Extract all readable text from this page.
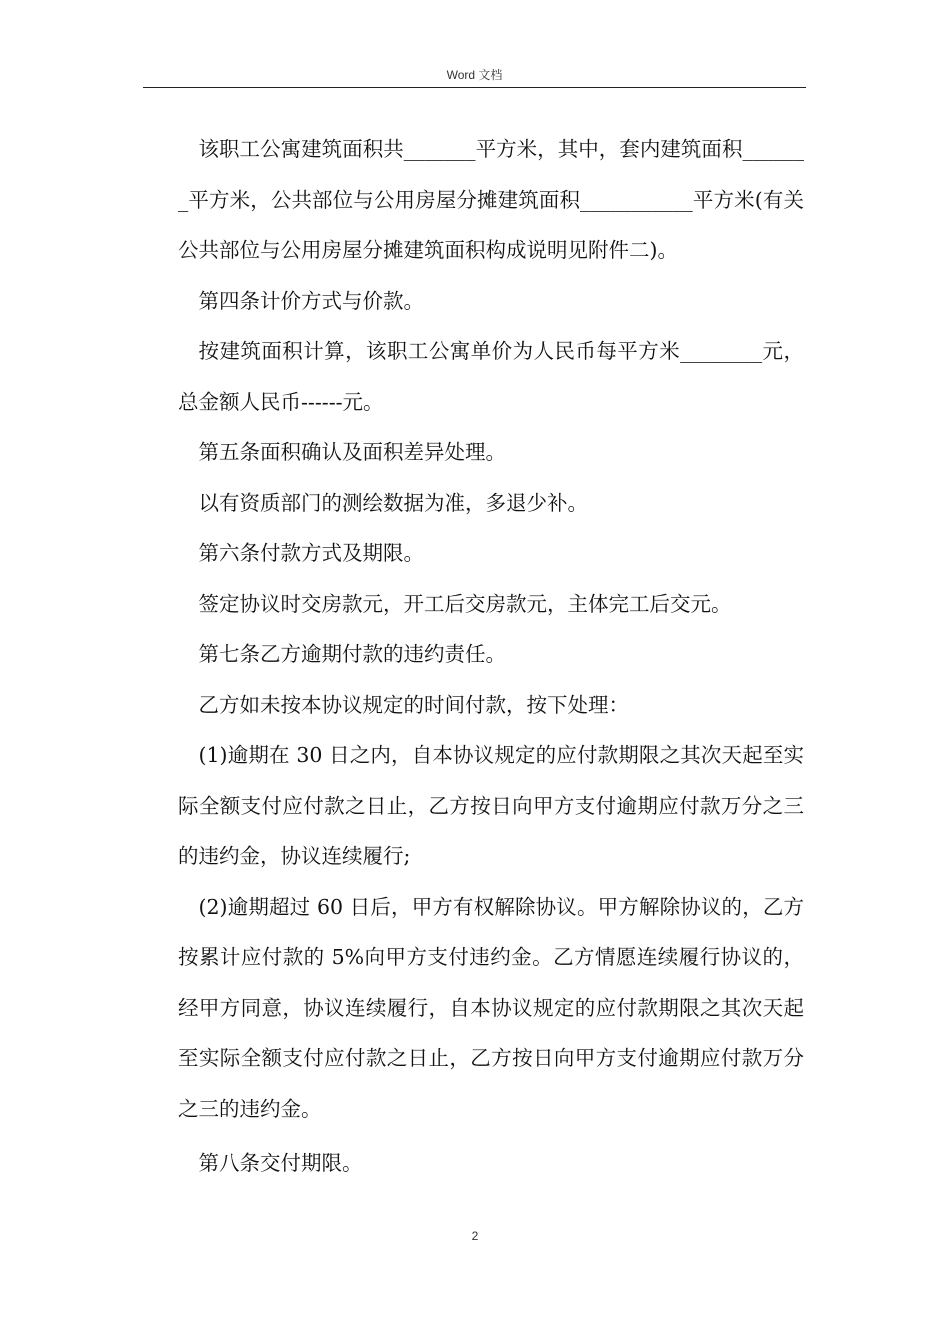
Word 文档

该职工公寓建筑面积共_______平方米，其中，套内建筑面积_______平方米，公共部位与公用房屋分摊建筑面积___________平方米(有关公共部位与公用房屋分摊建筑面积构成说明见附件二)。

第四条计价方式与价款。

按建筑面积计算，该职工公寓单价为人民币每平方米________元，总金额人民币------元。

第五条面积确认及面积差异处理。

以有资质部门的测绘数据为准，多退少补。

第六条付款方式及期限。

签定协议时交房款元，开工后交房款元，主体完工后交元。

第七条乙方逾期付款的违约责任。

乙方如未按本协议规定的时间付款，按下处理：

(1)逾期在 30 日之内，自本协议规定的应付款期限之其次天起至实际全额支付应付款之日止，乙方按日向甲方支付逾期应付款万分之三的违约金，协议连续履行;

(2)逾期超过 60 日后，甲方有权解除协议。甲方解除协议的，乙方按累计应付款的 5%向甲方支付违约金。乙方情愿连续履行协议的，经甲方同意，协议连续履行，自本协议规定的应付款期限之其次天起至实际全额支付应付款之日止，乙方按日向甲方支付逾期应付款万分之三的违约金。

第八条交付期限。

2
